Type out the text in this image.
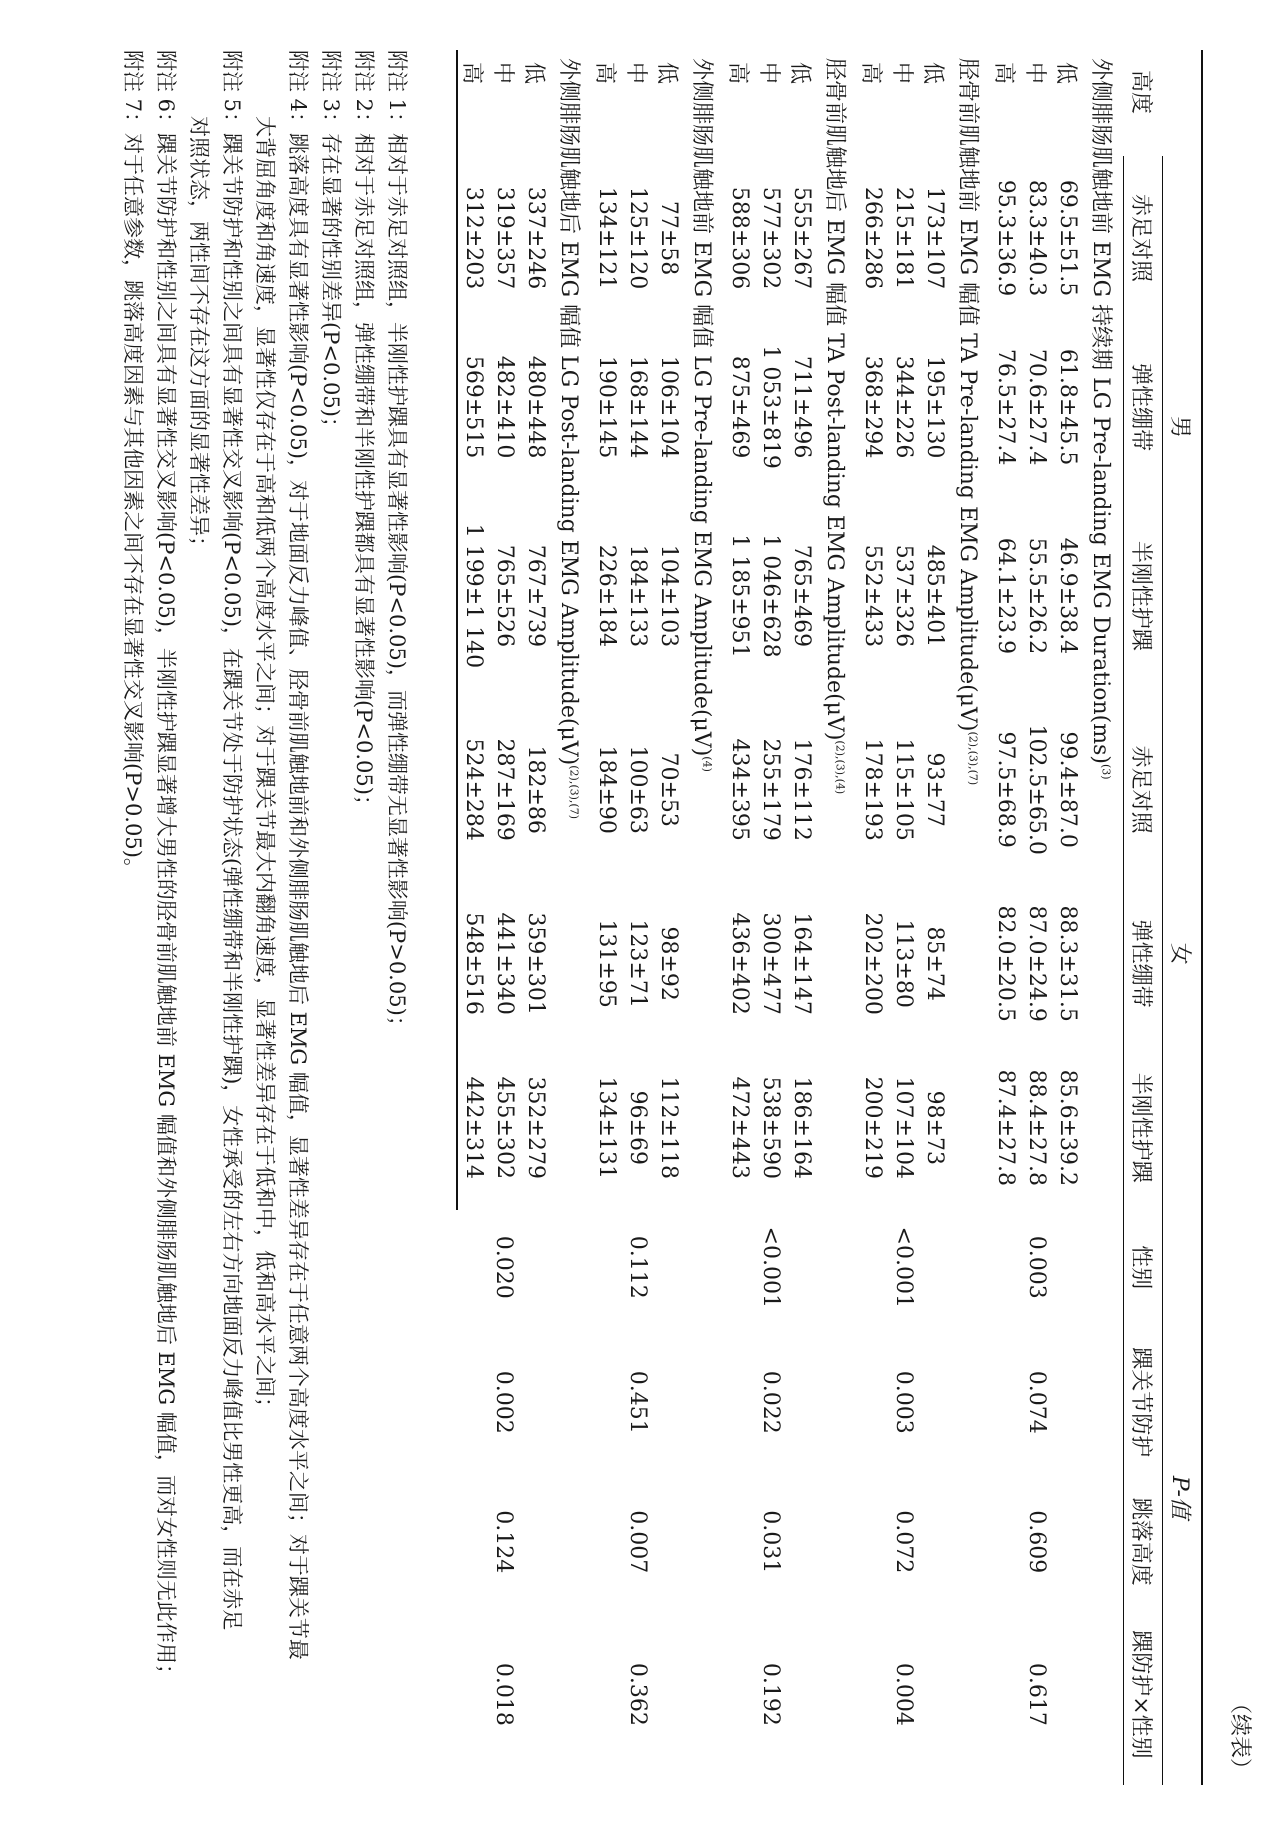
（续表）
高度	男			女			P-值			
	赤足对照	弹性绷带	半刚性护踝	赤足对照	弹性绷带	半刚性护踝	性别	踝关节防护	跳落高度	踝防护×性别
外侧腓肠肌触地前 EMG 持续期 LG Pre-landing EMG Duration(ms)$^{(3)}$
低	69.5±51.5	61.8±45.5	46.9±38.4	99.4±87.0	88.3±31.5	85.6±39.2	0.003	0.074	0.609	0.617
中	83.3±40.3	70.6±27.4	55.5±26.2	102.5±65.0	87.0±24.9	88.4±27.8				
高	95.3±36.9	76.5±27.4	64.1±23.9	97.5±68.9	82.0±20.5	87.4±27.8				
胫骨前肌触地前 EMG 幅值 TA Pre-landing EMG $Amplitude(\mu V)^{(2),(3),(7)}$
低	173±107	195±130	485±401	93±77	85±74	98±73	<0.001	0.003	0.072	0.004
中	215±181	344±226	537±326	115±105	113±80	107±104				
高	266±286	368±294	552±433	178±193	202±200	200±219				
胫骨前肌触地后 EMG 幅值 TA Post-landing EMG $Amplitude(\mu V)^{(2),(3),(4)}$
低	555±267	711±496	765±469	176±112	164±147	186±164	<0.001	0.022	0.031	0.192
中	577±302	1 053±819	1 046±628	255±179	300±477	538±590				
高	588±306	875±469	1 185±951	434±395	436±402	472±443				
外侧腓肠肌触地前 EMG 幅值 LG Pre-landing EMG $Amplitude(\mu V)^{(4)}$
低	77±58	106±104	104±103	70±53	98±92	112±118	0.112	0.451	0.007	0.362
中	125±120	168±144	184±133	100±63	123±71	96±69				
高	134±121	190±145	226±184	184±90	131±95	134±131				
外侧腓肠肌触地后 EMG 幅值 LG Post-landing EMG $Amplitude(\mu V)^{(2),(3),(7)}$
低	337±246	480±448	767±739	182±86	359±301	352±279	0.020	0.002	0.124	0.018
中	319±357	482±410	765±526	287±169	441±340	455±302				
高	312±203	569±515	1 199±1 140	524±284	548±516	442±314				
附注 1：相对于赤足对照组，半刚性护踝具有显著性影响(P<0.05)，而弹性绷带无显著性影响(P>0.05)；
附注 2：相对于赤足对照组，弹性绷带和半刚性护踝都具有显著性影响(P<0.05)；
附注 3：存在显著的性别差异(P<0.05)；
附注 4：跳落高度具有显著性影响(P<0.05)，对于地面反力峰值、胫骨前肌触地前和外侧腓肠肌触地后 EMG 幅值，显著性差异存在于任意两个高度水平之间；对于踝关节最
大背屈角度和角速度，显著性仅存在于高和低两个高度水平之间；对于踝关节最大内翻角速度，显著性差异存在于低和中，低和高水平之间；
附注 5：踝关节防护和性别之间具有显著性交叉影响(P<0.05)，在踝关节处于防护状态(弹性绷带和半刚性护踝)，女性承受的左右方向地面反力峰值比男性更高，而在赤足
对照状态，两性间不存在这方面的显著性差异；
附注 6：踝关节防护和性别之间具有显著性交叉影响(P<0.05)，半刚性护踝显著增大男性的胫骨前肌触地前 EMG 幅值和外侧腓肠肌触地后 EMG 幅值，而对女性则无此作用；
附注 7：对于任意参数，跳落高度因素与其他因素之间不存在显著性交叉影响(P>0.05)。
